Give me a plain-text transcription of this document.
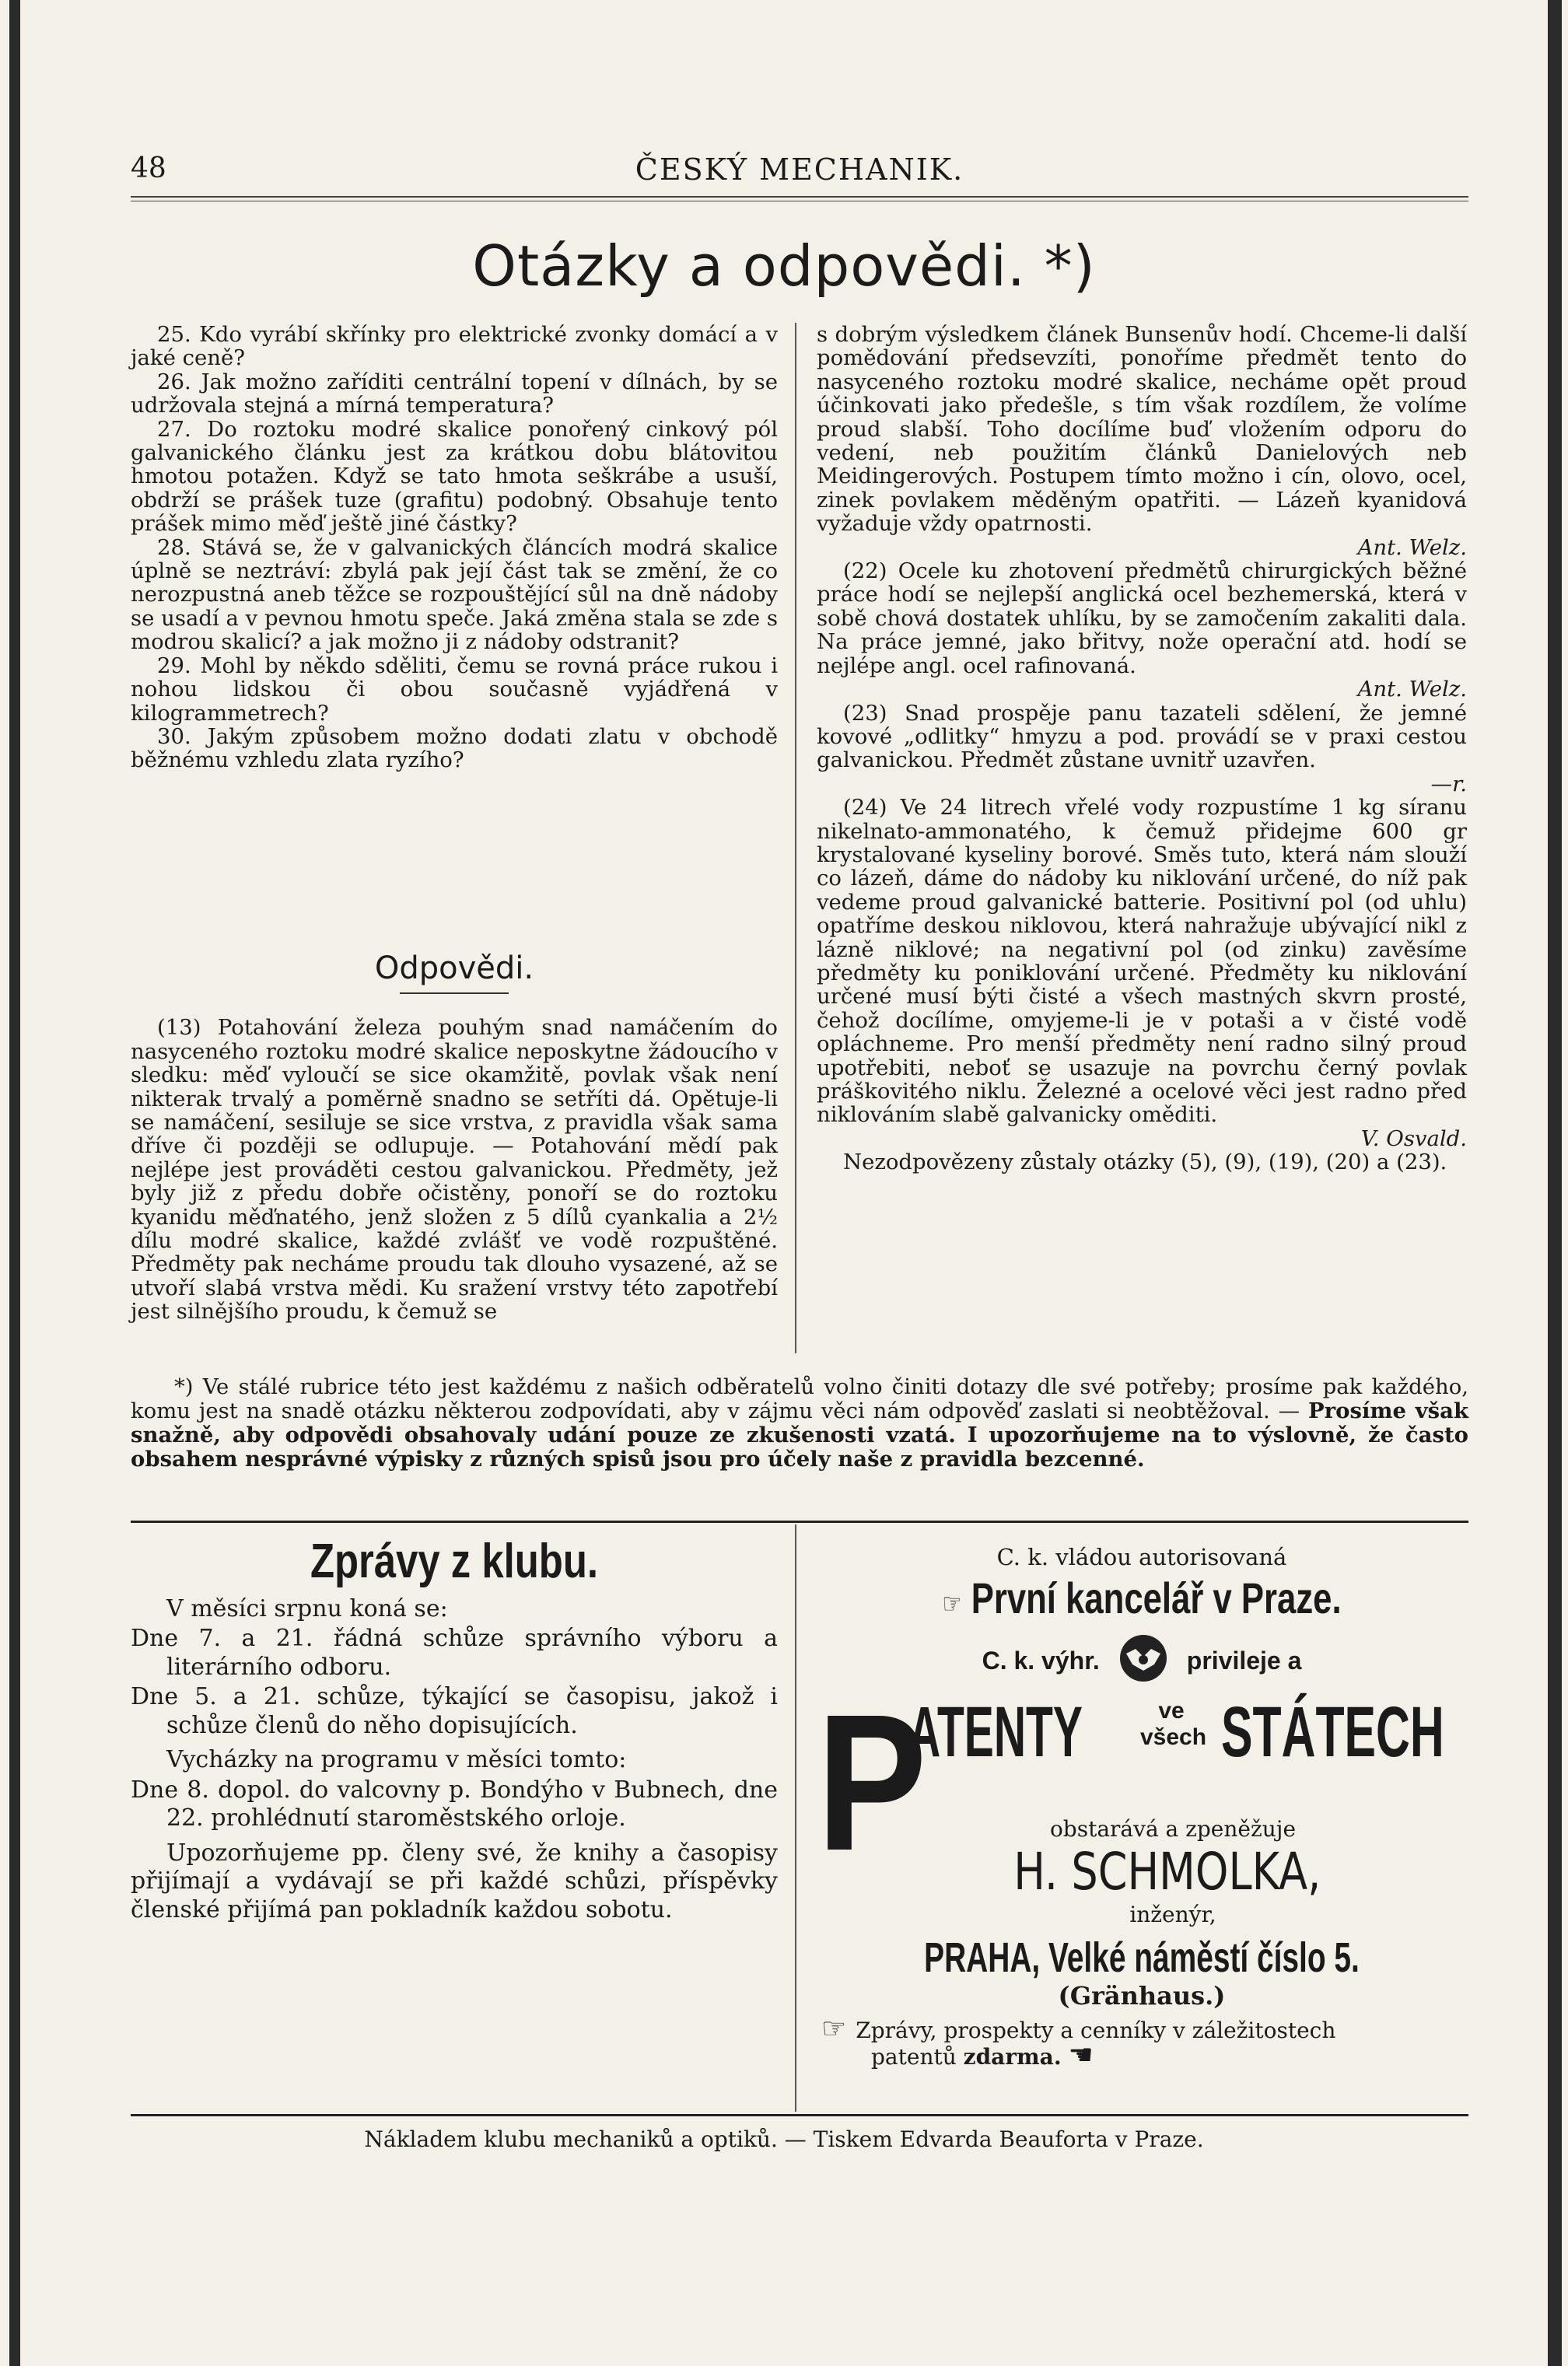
ČESKÝ MECHANIK.
48
Otázky a odpovědi. *)

25. Kdo vyrábí skřínky pro elektrické zvonky domácí a v jaké ceně?

26. Jak možno zaříditi centrální topení v dílnách, by se udržovala stejná a mírná temperatura?

27. Do roztoku modré skalice ponořený cinkový pól galvanického článku jest za krátkou dobu blátovitou hmotou potažen. Když se tato hmota seškrábe a usuší, obdrží se prášek tuze (grafitu) podobný. Obsahuje tento prášek mimo měď ještě jiné částky?

28. Stává se, že v galvanických článcích modrá skalice úplně se neztráví: zbylá pak její část tak se změní, že co nerozpustná aneb těžce se rozpouštějící sůl na dně nádoby se usadí a v pevnou hmotu speče. Jaká změna stala se zde s modrou skalicí? a jak možno ji z nádoby odstranit?

29. Mohl by někdo sděliti, čemu se rovná práce rukou i nohou lidskou či obou současně vyjádřená v kilogrammetrech?

30. Jakým způsobem možno dodati zlatu v obchodě běžnému vzhledu zlata ryzího?

Odpovědi.

(13) Potahování železa pouhým snad namáčením do nasyceného roztoku modré skalice neposkytne žádoucího v sledku: měď vyloučí se sice okamžitě, povlak však není nikterak trvalý a poměrně snadno se setříti dá. Opětuje-li se namáčení, sesiluje se sice vrstva, z pravidla však sama dříve či později se odlupuje. — Potahování mědí pak nejlépe jest prováděti cestou galvanickou. Předměty, jež byly již z předu dobře očistěny, ponoří se do roztoku kyanidu měďnatého, jenž složen z 5 dílů cyankalia a 2½ dílu modré skalice, každé zvlášť ve vodě rozpuštěné. Předměty pak necháme proudu tak dlouho vysazené, až se utvoří slabá vrstva mědi. Ku sražení vrstvy této zapotřebí jest silnějšího proudu, k čemuž se

s dobrým výsledkem článek Bunsenův hodí. Chceme-li další pomědování předsevzíti, ponoříme předmět tento do nasyceného roztoku modré skalice, necháme opět proud účinkovati jako předešle, s tím však rozdílem, že volíme proud slabší. Toho docílíme buď vložením odporu do vedení, neb použitím článků Danielových neb Meidingerových. Postupem tímto možno i cín, olovo, ocel, zinek povlakem měděným opatřiti. — Lázeň kyanidová vyžaduje vždy opatrnosti.

Ant. Welz.

(22) Ocele ku zhotovení předmětů chirurgických běžné práce hodí se nejlepší anglická ocel bezhemerská, která v sobě chová dostatek uhlíku, by se zamočením zakaliti dala. Na práce jemné, jako břitvy, nože operační atd. hodí se nejlépe angl. ocel rafinovaná.

Ant. Welz.

(23) Snad prospěje panu tazateli sdělení, že jemné kovové „odlitky“ hmyzu a pod. provádí se v praxi cestou galvanickou. Předmět zůstane uvnitř uzavřen.

—r.

(24) Ve 24 litrech vřelé vody rozpustíme 1 kg síranu nikelnato-ammonatého, k čemuž přidejme 600 gr krystalované kyseliny borové. Směs tuto, která nám slouží co lázeň, dáme do nádoby ku niklování určené, do níž pak vedeme proud galvanické batterie. Positivní pol (od uhlu) opatříme deskou niklovou, která nahražuje ubývající nikl z lázně niklové; na negativní pol (od zinku) zavěsíme předměty ku poniklování určené. Předměty ku niklování určené musí býti čisté a všech mastných skvrn prosté, čehož docílíme, omyjeme-li je v potaši a v čisté vodě opláchneme. Pro menší předměty není radno silný proud upotřebiti, neboť se usazuje na povrchu černý povlak práškovitého niklu. Železné a ocelové věci jest radno před niklováním slabě galvanicky oměditi.

V. Osvald.

Nezodpovězeny zůstaly otázky (5), (9), (19), (20) a (23).

*) Ve stálé rubrice této jest každému z našich odběratelů volno činiti dotazy dle své potřeby; prosíme pak každého, komu jest na snadě otázku některou zodpovídati, aby v zájmu věci nám odpověď zaslati si neobtěžoval. — Prosíme však snažně, aby odpovědi obsahovaly udání pouze ze zkušenosti vzatá. I upozorňujeme na to výslovně, že často obsahem nesprávné výpisky z různých spisů jsou pro účely naše z pravidla bezcenné.

Zprávy z klubu.

V měsíci srpnu koná se:

Dne 7. a 21. řádná schůze správního výboru a literárního odboru.

Dne 5. a 21. schůze, týkající se časopisu, jakož i schůze členů do něho dopisujících.

Vycházky na programu v měsíci tomto:

Dne 8. dopol. do valcovny p. Bondýho v Bubnech, dne 22. prohlédnutí staroměstského orloje.

Upozorňujeme pp. členy své, že knihy a časopisy přijímají a vydávají se při každé schůzi, příspěvky členské přijímá pan pokladník každou sobotu.

C. k. vládou autorisovaná
☞ První kancelář v Praze.
C. k. výhr.	privileje a
P
ATENTY	ve
všech STÁTECH
obstarává a zpeněžuje
H. SCHMOLKA,
inženýr,
PRAHA, Velké náměstí číslo 5.
(Gränhaus.)
☞ Zprávy, prospekty a cenníky v záležitostech
patentů zdarma. ☚
Nákladem klubu mechaniků a optiků. — Tiskem Edvarda Beauforta v Praze.
